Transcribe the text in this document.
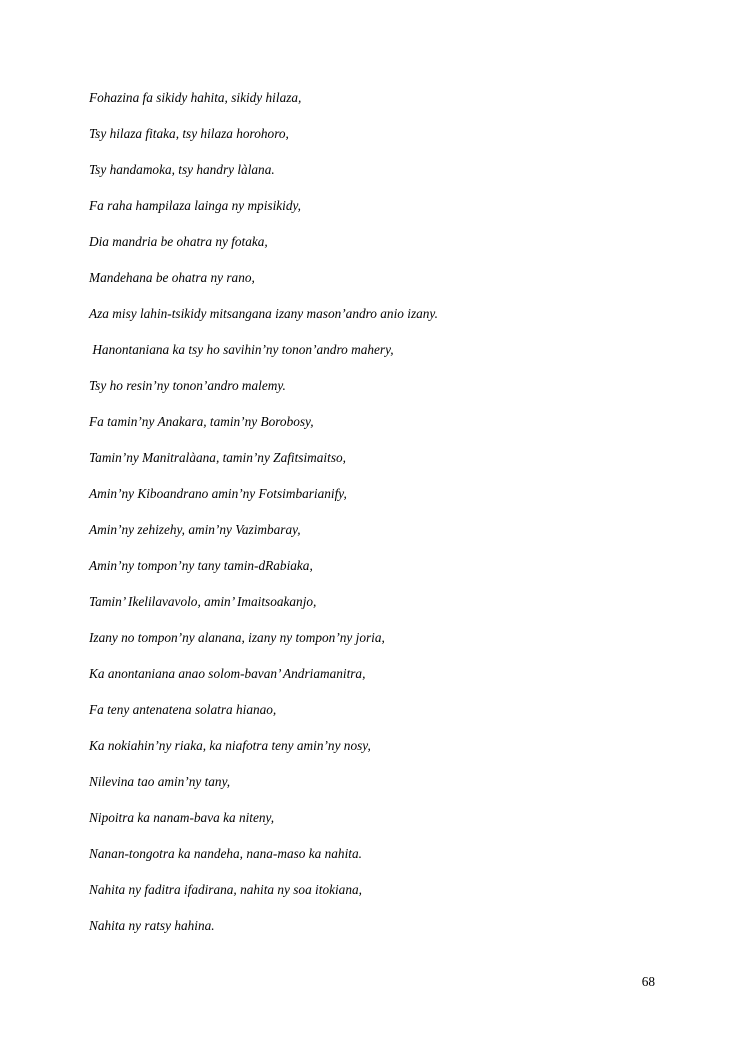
Fohazina fa sikidy hahita, sikidy hilaza,
Tsy hilaza fitaka, tsy hilaza horohoro,
Tsy handamoka, tsy handry làlana.
Fa raha hampilaza lainga ny mpisikidy,
Dia mandria be ohatra ny fotaka,
Mandehana be ohatra ny rano,
Aza misy lahin-tsikidy mitsangana izany mason’andro anio izany.
Hanontaniana ka tsy ho savihin’ny tonon’andro mahery,
Tsy ho resin’ny tonon’andro malemy.
Fa tamin’ny Anakara, tamin’ny Borobosy,
Tamin’ny Manitralàana, tamin’ny Zafitsimaitso,
Amin’ny Kiboandrano amin’ny Fotsimbarianify,
Amin’ny zehizehy, amin’ny Vazimbaray,
Amin’ny tompon’ny tany tamin-dRabiaka,
Tamin’ Ikelilavavolo, amin’ Imaitsoakanjo,
Izany no tompon’ny alanana, izany ny tompon’ny joria,
Ka anontaniana anao solom-bavan’ Andriamanitra,
Fa teny antenatena solatra hianao,
Ka nokiahin’ny riaka, ka niafotra teny amin’ny nosy,
Nilevina tao amin’ny tany,
Nipoitra ka nanam-bava ka niteny,
Nanan-tongotra ka nandeha, nana-maso ka nahita.
Nahita ny faditra ifadirana, nahita ny soa itokiana,
Nahita ny ratsy hahina.
68
